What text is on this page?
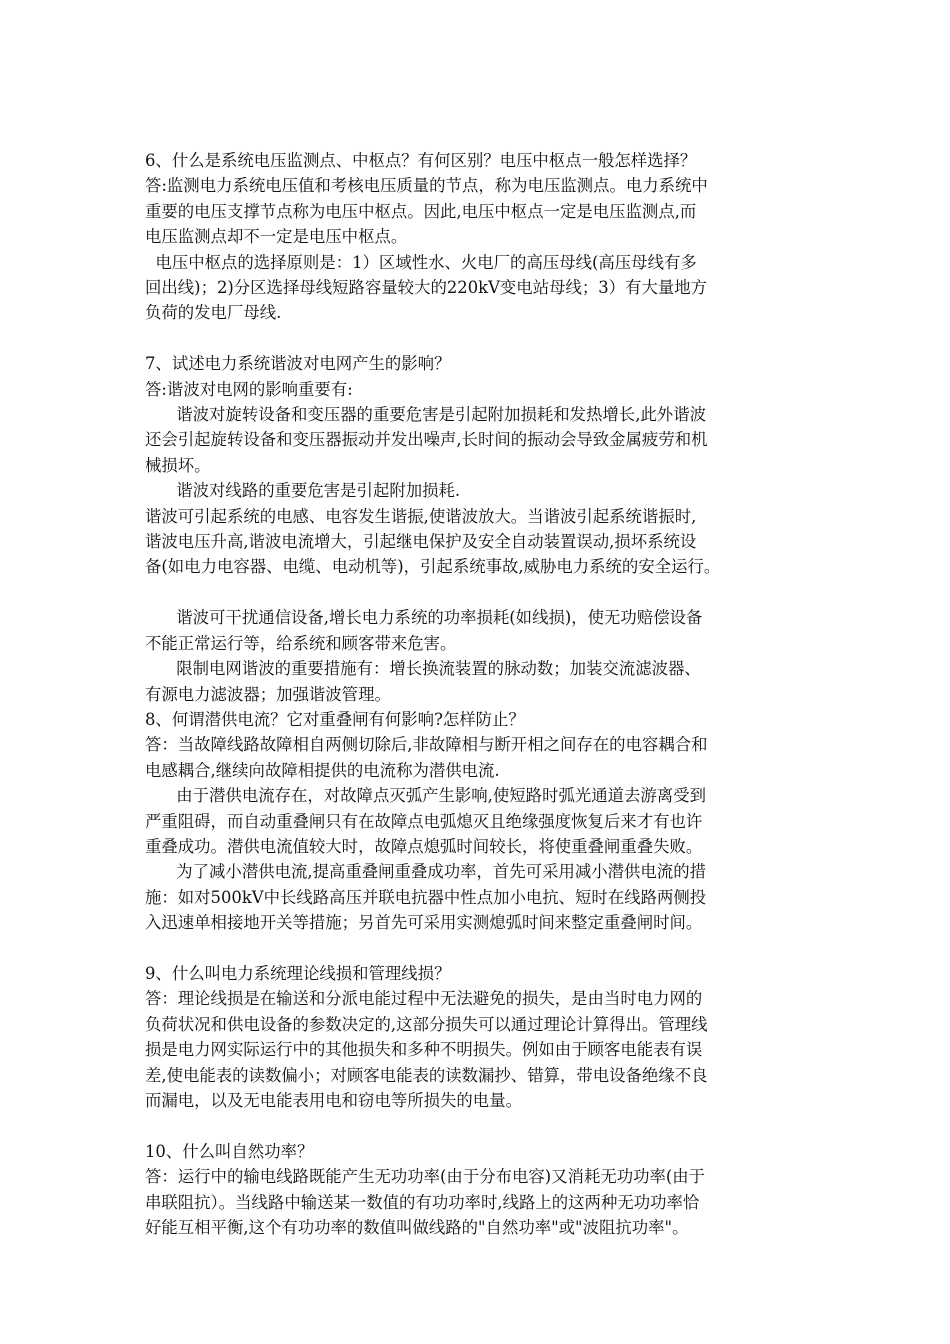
6、什么是系统电压监测点、中枢点？有何区别？电压中枢点一般怎样选择？

答:监测电力系统电压值和考核电压质量的节点，称为电压监测点。电力系统中

重要的电压支撑节点称为电压中枢点。因此,电压中枢点一定是电压监测点,而

电压监测点却不一定是电压中枢点。

电压中枢点的选择原则是：1）区域性水、火电厂的高压母线(高压母线有多

回出线)；2)分区选择母线短路容量较大的220kV变电站母线；3）有大量地方

负荷的发电厂母线.

7、试述电力系统谐波对电网产生的影响？

答:谐波对电网的影响重要有:

谐波对旋转设备和变压器的重要危害是引起附加损耗和发热增长,此外谐波

还会引起旋转设备和变压器振动并发出噪声,长时间的振动会导致金属疲劳和机

械损坏。

谐波对线路的重要危害是引起附加损耗.

谐波可引起系统的电感、电容发生谐振,使谐波放大。当谐波引起系统谐振时,

谐波电压升高,谐波电流增大，引起继电保护及安全自动装置误动,损坏系统设

备(如电力电容器、电缆、电动机等)，引起系统事故,威胁电力系统的安全运行。

谐波可干扰通信设备,增长电力系统的功率损耗(如线损)，使无功赔偿设备

不能正常运行等，给系统和顾客带来危害。

限制电网谐波的重要措施有：增长换流装置的脉动数；加装交流滤波器、

有源电力滤波器；加强谐波管理。

8、何谓潜供电流？它对重叠闸有何影响?怎样防止？

答：当故障线路故障相自两侧切除后,非故障相与断开相之间存在的电容耦合和

电感耦合,继续向故障相提供的电流称为潜供电流.

由于潜供电流存在，对故障点灭弧产生影响,使短路时弧光通道去游离受到

严重阻碍，而自动重叠闸只有在故障点电弧熄灭且绝缘强度恢复后来才有也许

重叠成功。潜供电流值较大时，故障点熄弧时间较长，将使重叠闸重叠失败。

为了减小潜供电流,提高重叠闸重叠成功率，首先可采用减小潜供电流的措

施：如对500kV中长线路高压并联电抗器中性点加小电抗、短时在线路两侧投

入迅速单相接地开关等措施；另首先可采用实测熄弧时间来整定重叠闸时间。

9、什么叫电力系统理论线损和管理线损？

答：理论线损是在输送和分派电能过程中无法避免的损失，是由当时电力网的

负荷状况和供电设备的参数决定的,这部分损失可以通过理论计算得出。管理线

损是电力网实际运行中的其他损失和多种不明损失。例如由于顾客电能表有误

差,使电能表的读数偏小；对顾客电能表的读数漏抄、错算，带电设备绝缘不良

而漏电，以及无电能表用电和窃电等所损失的电量。

10、什么叫自然功率？

答：运行中的输电线路既能产生无功功率(由于分布电容)又消耗无功功率(由于

串联阻抗）。当线路中输送某一数值的有功功率时,线路上的这两种无功功率恰

好能互相平衡,这个有功功率的数值叫做线路的"自然功率"或"波阻抗功率"。
